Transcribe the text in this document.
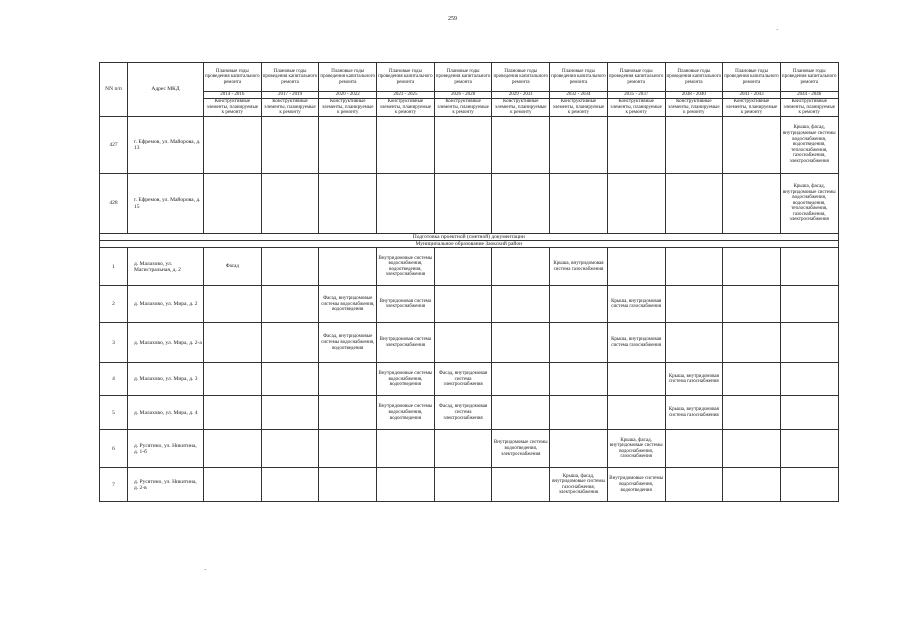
259
·
·
NN п/п	Адрес МКД	Плановые годы проведения капитального ремонта	Плановые годы проведения капитального ремонта	Плановые годы проведения капитального ремонта	Плановые годы проведения капитального ремонта	Плановые годы проведения капитального ремонта	Плановые годы проведения капитального ремонта	Плановые годы проведения капитального ремонта	Плановые годы проведения капитального ремонта	Плановые годы проведения капитального ремонта	Плановые годы проведения капитального ремонта	Плановые годы проведения капитального ремонта
		2014 - 2016	2017 - 2019	2020 - 2022	2023 - 2025	2026 - 2028	2029 - 2031	2032 - 2034	2035 - 2037	2038 - 2040	2041 - 2043	2044 - 2046
		Конструктивные элементы, планируемые к ремонту	Конструктивные элементы, планируемые к ремонту	Конструктивные элементы, планируемые к ремонту	Конструктивные элементы, планируемые к ремонту	Конструктивные элементы, планируемые к ремонту	Конструктивные элементы, планируемые к ремонту	Конструктивные элементы, планируемые к ремонту	Конструктивные элементы, планируемые к ремонту	Конструктивные элементы, планируемые к ремонту	Конструктивные элементы, планируемые к ремонту	Конструктивные элементы, планируемые к ремонту
427	г. Ефремов, ул. Майорова, д. 13											Крыша, фасад, внутридомовые системы водоснабжения, водоотведения, теплоснабжения, газоснабжения, электроснабжения
428	г. Ефремов, ул. Майорова, д. 15											Крыша, фасад, внутридомовые системы водоснабжения, водоотведения, теплоснабжения, газоснабжения, электроснабжения
Подготовка проектной (сметной) документации												
Муниципальное образование Заокский район												
1	д. Малахово, ул. Магистральная, д. 2	Фасад			Внутридомовые системы водоснабжения, водоотведения, электроснабжения			Крыша, внутридомовая система газоснабжения				
2	д. Малахово, ул. Мира, д. 2			Фасад, внутридомовые системы водоснабжения, водоотведения	Внутридомовая система электроснабжения				Крыша, внутридомовая система газоснабжения			
3	д. Малахово, ул. Мира, д. 2-а			Фасад, внутридомовые системы водоснабжения, водоотведения	Внутридомовая система электроснабжения				Крыша, внутридомовая система газоснабжения			
4	д. Малахово, ул. Мира, д. 3				Внутридомовые системы водоснабжения, водоотведения	Фасад, внутридомовая система электроснабжения				Крыша, внутридомовая система газоснабжения		
5	д. Малахово, ул. Мира, д. 4				Внутридомовые системы водоснабжения, водоотведения	Фасад, внутридомовая система электроснабжения				Крыша, внутридомовая система газоснабжения		
6	д. Русятино, ул. Никитина, д. 1-б						Внутридомовые системы водоотведения, электроснабжения		Крыша, фасад, внутридомовые системы водоснабжения, газоснабжения			
7	д. Русятино, ул. Никитина, д. 2-в							Крыша, фасад, внутридомовые системы газоснабжения, электроснабжения	Внутридомовые системы водоснабжения, водоотведения			
